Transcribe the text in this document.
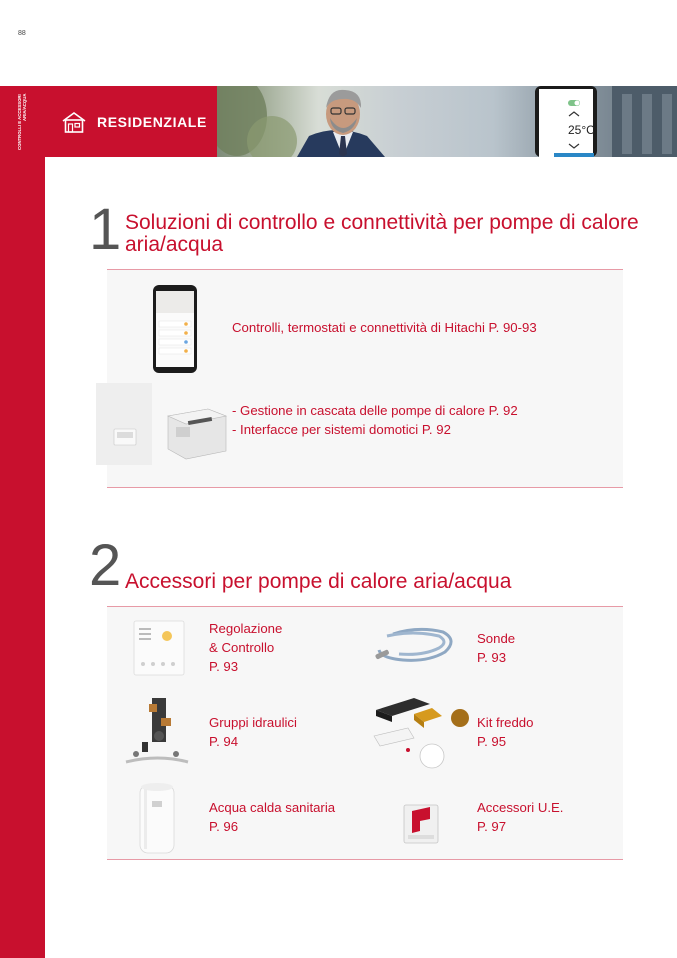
88
CONTROLLI E ACCESSORI
ARIA/ACQUA
RESIDENZIALE	25°C
1 Soluzioni di controllo e connettività per pompe di calore
aria/acqua
Controlli, termostati e connettività di Hitachi P. 90-93
- Gestione in cascata delle pompe di calore P. 92
- Interfacce per sistemi domotici P. 92
2 Accessori per pompe di calore aria/acqua
Regolazione
& Controllo
P. 93
Sonde
P. 93
Gruppi idraulici
P. 94
Kit freddo
P. 95
Acqua calda sanitaria
P. 96
Accessori U.E.
P. 97
